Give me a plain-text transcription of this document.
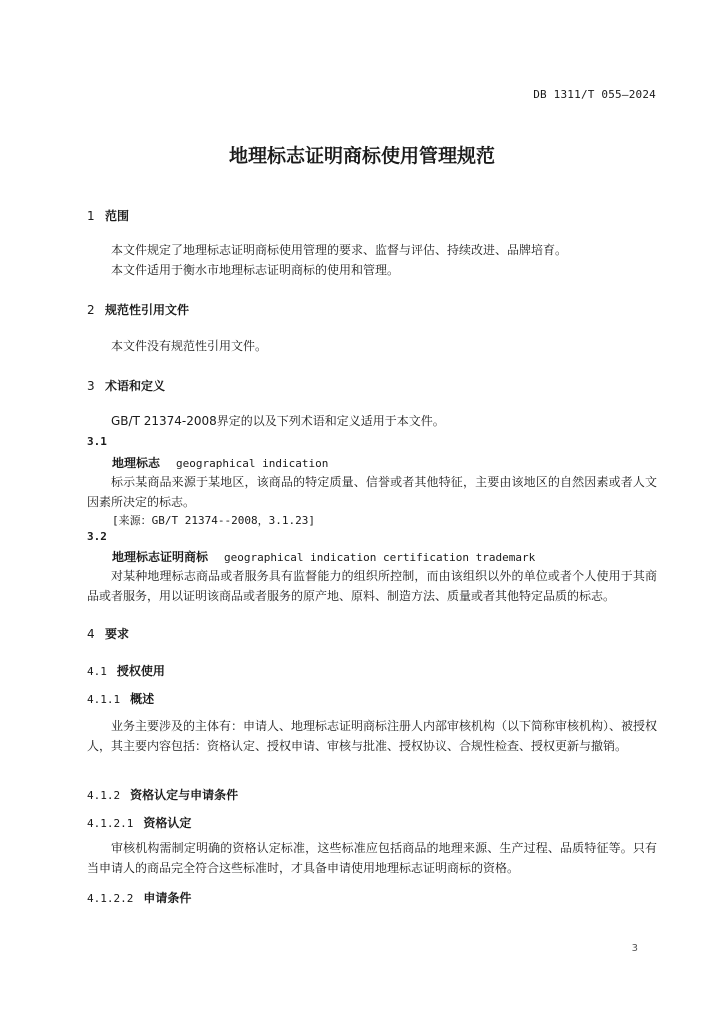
DB 1311/T 055—2024
地理标志证明商标使用管理规范
1 范围
本文件规定了地理标志证明商标使用管理的要求、监督与评估、持续改进、品牌培育。
本文件适用于衡水市地理标志证明商标的使用和管理。
2 规范性引用文件
本文件没有规范性引用文件。
3 术语和定义
GB/T 21374-2008界定的以及下列术语和定义适用于本文件。
3.1
地理标志 geographical indication
标示某商品来源于某地区，该商品的特定质量、信誉或者其他特征，主要由该地区的自然因素或者人文因素所决定的标志。
[来源：GB/T 21374--2008，3.1.23]
3.2
地理标志证明商标 geographical indication certification trademark
对某种地理标志商品或者服务具有监督能力的组织所控制，而由该组织以外的单位或者个人使用于其商品或者服务，用以证明该商品或者服务的原产地、原料、制造方法、质量或者其他特定品质的标志。
4 要求
4.1 授权使用
4.1.1 概述
业务主要涉及的主体有：申请人、地理标志证明商标注册人内部审核机构（以下简称审核机构）、被授权人，其主要内容包括：资格认定、授权申请、审核与批准、授权协议、合规性检查、授权更新与撤销。
4.1.2 资格认定与申请条件
4.1.2.1 资格认定
审核机构需制定明确的资格认定标准，这些标准应包括商品的地理来源、生产过程、品质特征等。只有当申请人的商品完全符合这些标准时，才具备申请使用地理标志证明商标的资格。
4.1.2.2 申请条件
3
